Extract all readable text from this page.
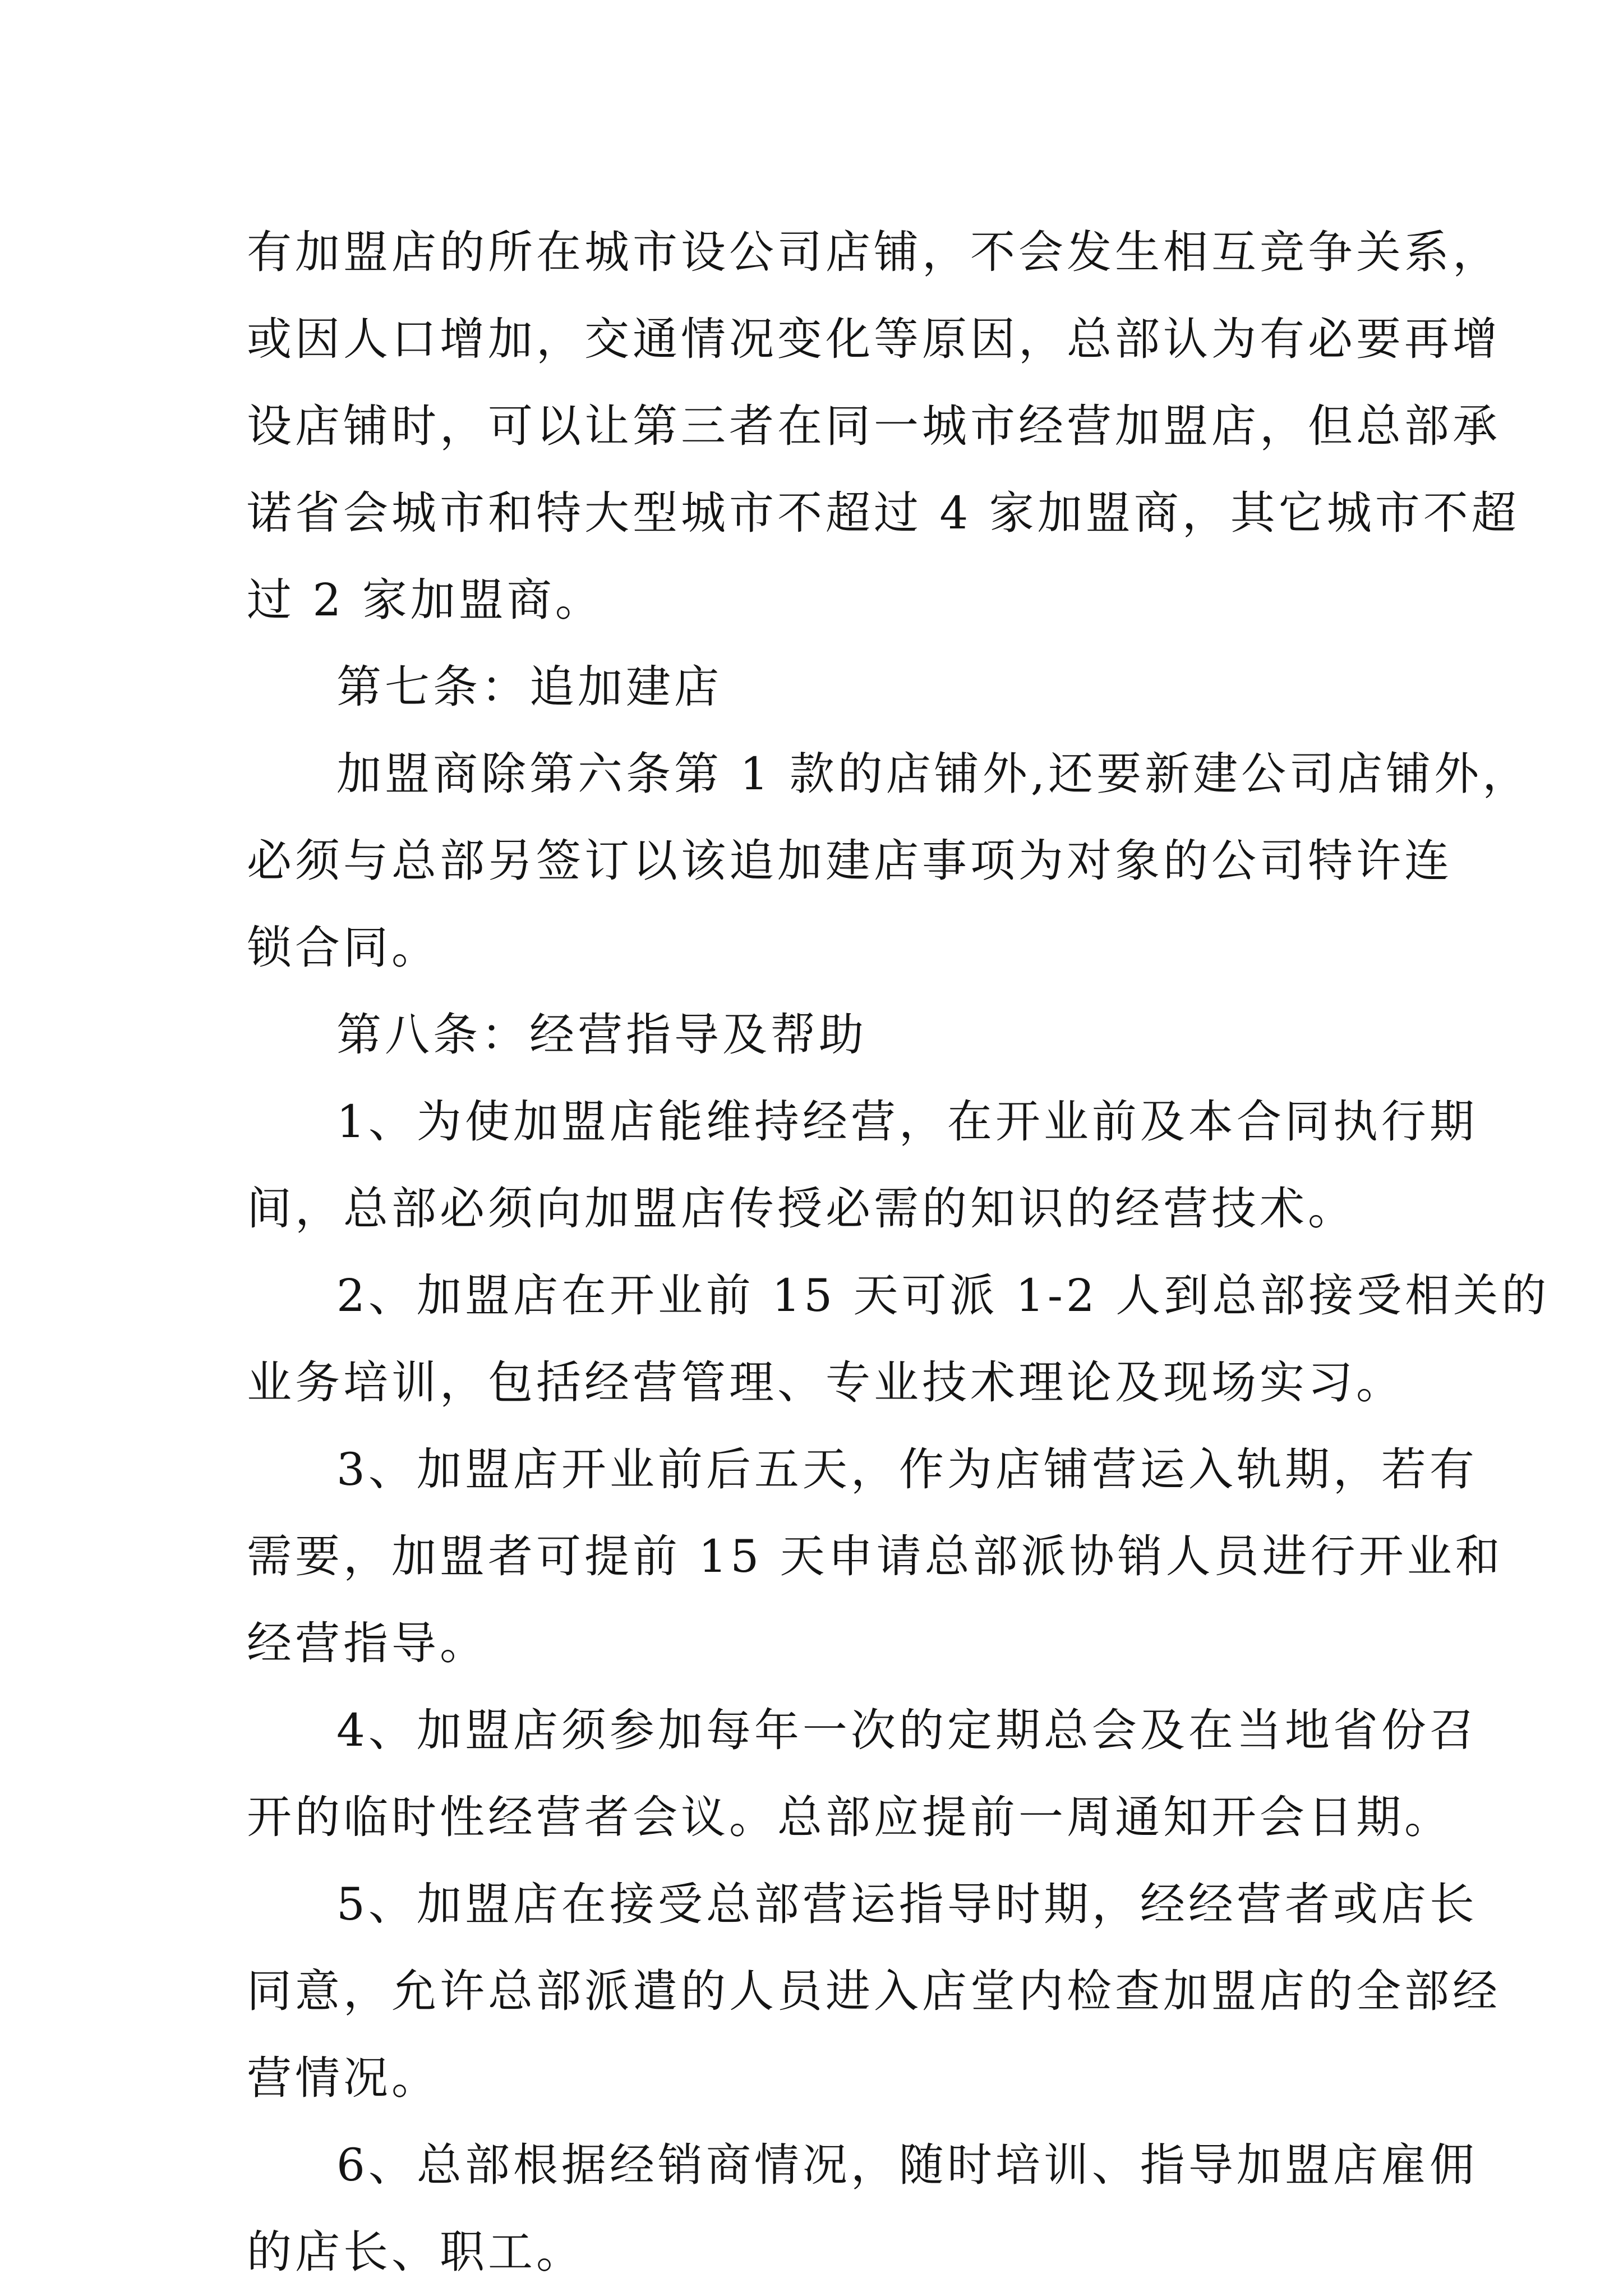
有加盟店的所在城市设公司店铺，不会发生相互竞争关系，
或因人口增加，交通情况变化等原因，总部认为有必要再增
设店铺时，可以让第三者在同一城市经营加盟店，但总部承
诺省会城市和特大型城市不超过 4 家加盟商，其它城市不超
过 2 家加盟商。
第七条：追加建店
加盟商除第六条第 1 款的店铺外,还要新建公司店铺外，
必须与总部另签订以该追加建店事项为对象的公司特许连
锁合同。
第八条：经营指导及帮助
1、为使加盟店能维持经营，在开业前及本合同执行期
间，总部必须向加盟店传授必需的知识的经营技术。
2、加盟店在开业前 15 天可派 1-2 人到总部接受相关的
业务培训，包括经营管理、专业技术理论及现场实习。
3、加盟店开业前后五天，作为店铺营运入轨期，若有
需要，加盟者可提前 15 天申请总部派协销人员进行开业和
经营指导。
4、加盟店须参加每年一次的定期总会及在当地省份召
开的临时性经营者会议。总部应提前一周通知开会日期。
5、加盟店在接受总部营运指导时期，经经营者或店长
同意，允许总部派遣的人员进入店堂内检查加盟店的全部经
营情况。
6、总部根据经销商情况，随时培训、指导加盟店雇佣
的店长、职工。
